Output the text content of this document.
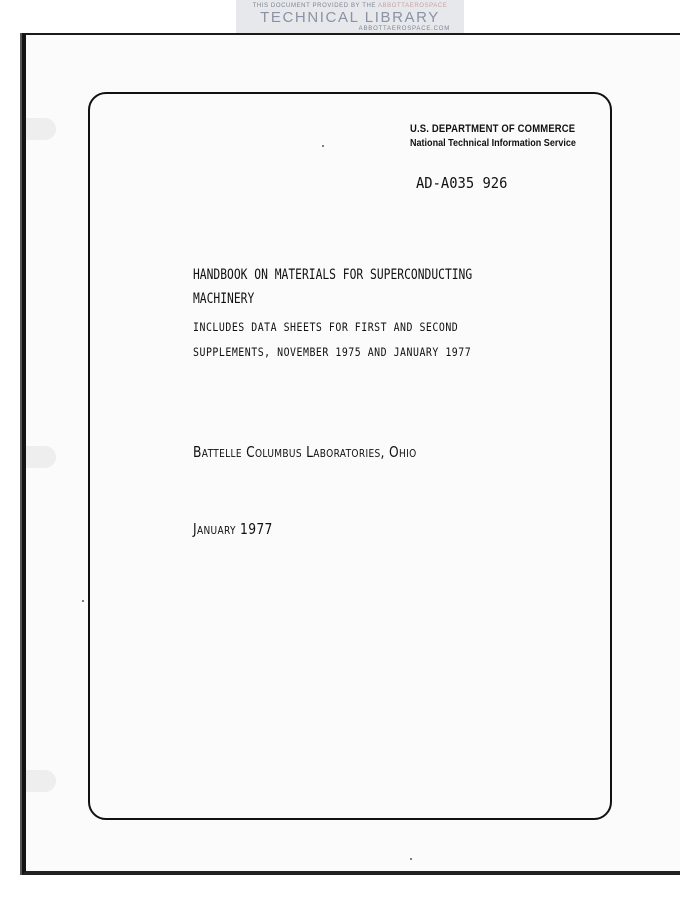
THIS DOCUMENT PROVIDED BY THE ABBOTTAEROSPACE
TECHNICAL LIBRARY
ABBOTTAEROSPACE.COM
U.S. DEPARTMENT OF COMMERCE
National Technical Information Service
AD-A035 926
HANDBOOK ON MATERIALS FOR SUPERCONDUCTING
MACHINERY
INCLUDES DATA SHEETS FOR FIRST AND SECOND
SUPPLEMENTS, NOVEMBER 1975 AND JANUARY 1977
Battelle Columbus Laboratories, Ohio
January 1977
